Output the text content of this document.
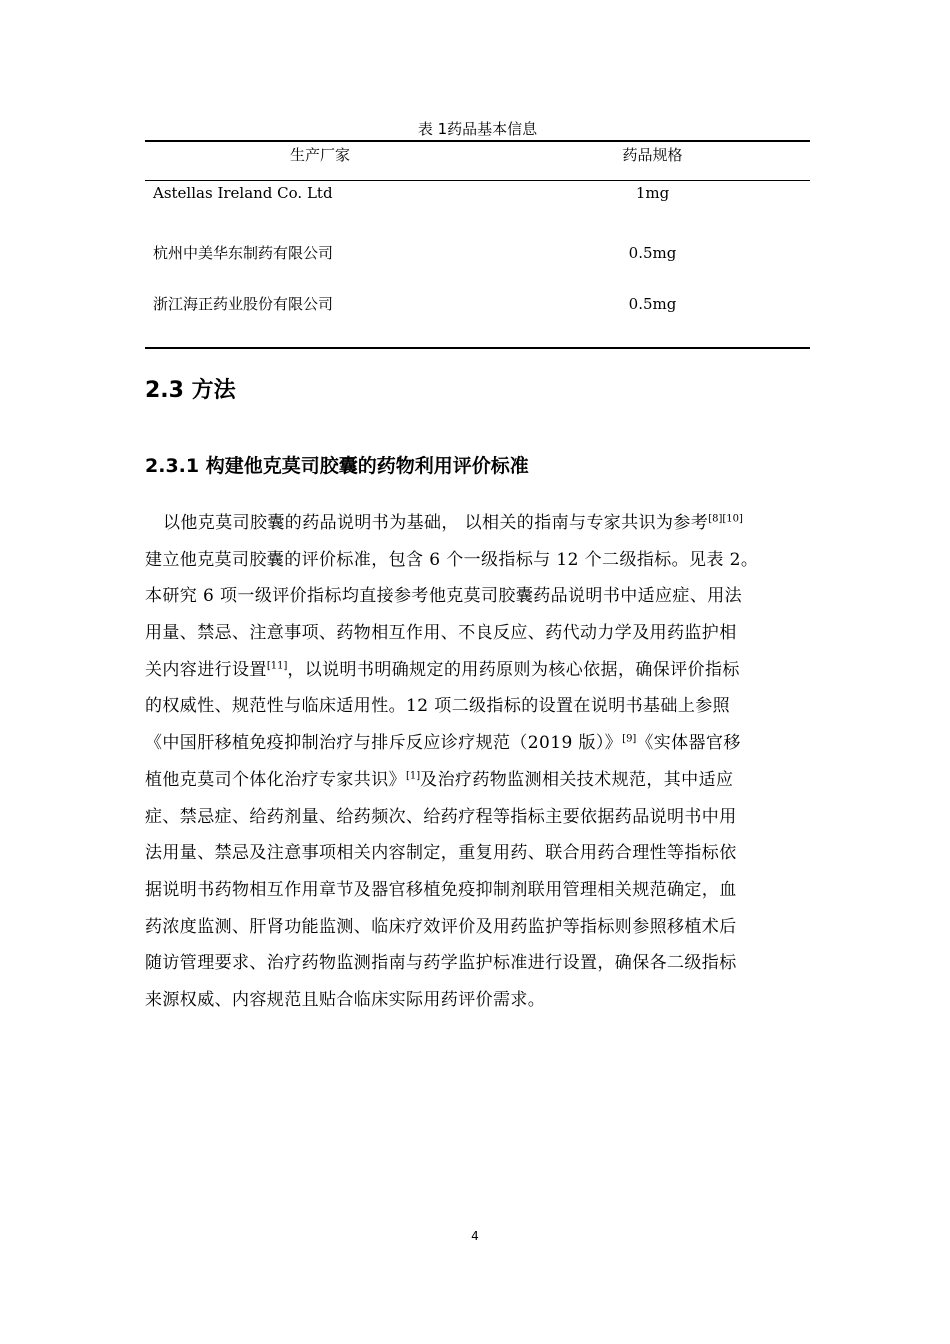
表 1药品基本信息
生产厂家	药品规格
Astellas Ireland Co. Ltd	1mg
杭州中美华东制药有限公司	0.5mg
浙江海正药业股份有限公司	0.5mg
2.3 方法
2.3.1 构建他克莫司胶囊的药物利用评价标准
以他克莫司胶囊的药品说明书为基础， 以相关的指南与专家共识为参考[8][10]
建立他克莫司胶囊的评价标准，包含 6 个一级指标与 12 个二级指标。见表 2。
本研究 6 项一级评价指标均直接参考他克莫司胶囊药品说明书中适应症、用法
用量、禁忌、注意事项、药物相互作用、不良反应、药代动力学及用药监护相
关内容进行设置[11]，以说明书明确规定的用药原则为核心依据，确保评价指标
的权威性、规范性与临床适用性。12 项二级指标的设置在说明书基础上参照
《中国肝移植免疫抑制治疗与排斥反应诊疗规范（2019 版）》[9]《实体器官移
植他克莫司个体化治疗专家共识》[1]及治疗药物监测相关技术规范，其中适应
症、禁忌症、给药剂量、给药频次、给药疗程等指标主要依据药品说明书中用
法用量、禁忌及注意事项相关内容制定，重复用药、联合用药合理性等指标依
据说明书药物相互作用章节及器官移植免疫抑制剂联用管理相关规范确定，血
药浓度监测、肝肾功能监测、临床疗效评价及用药监护等指标则参照移植术后
随访管理要求、治疗药物监测指南与药学监护标准进行设置，确保各二级指标
来源权威、内容规范且贴合临床实际用药评价需求。
4
